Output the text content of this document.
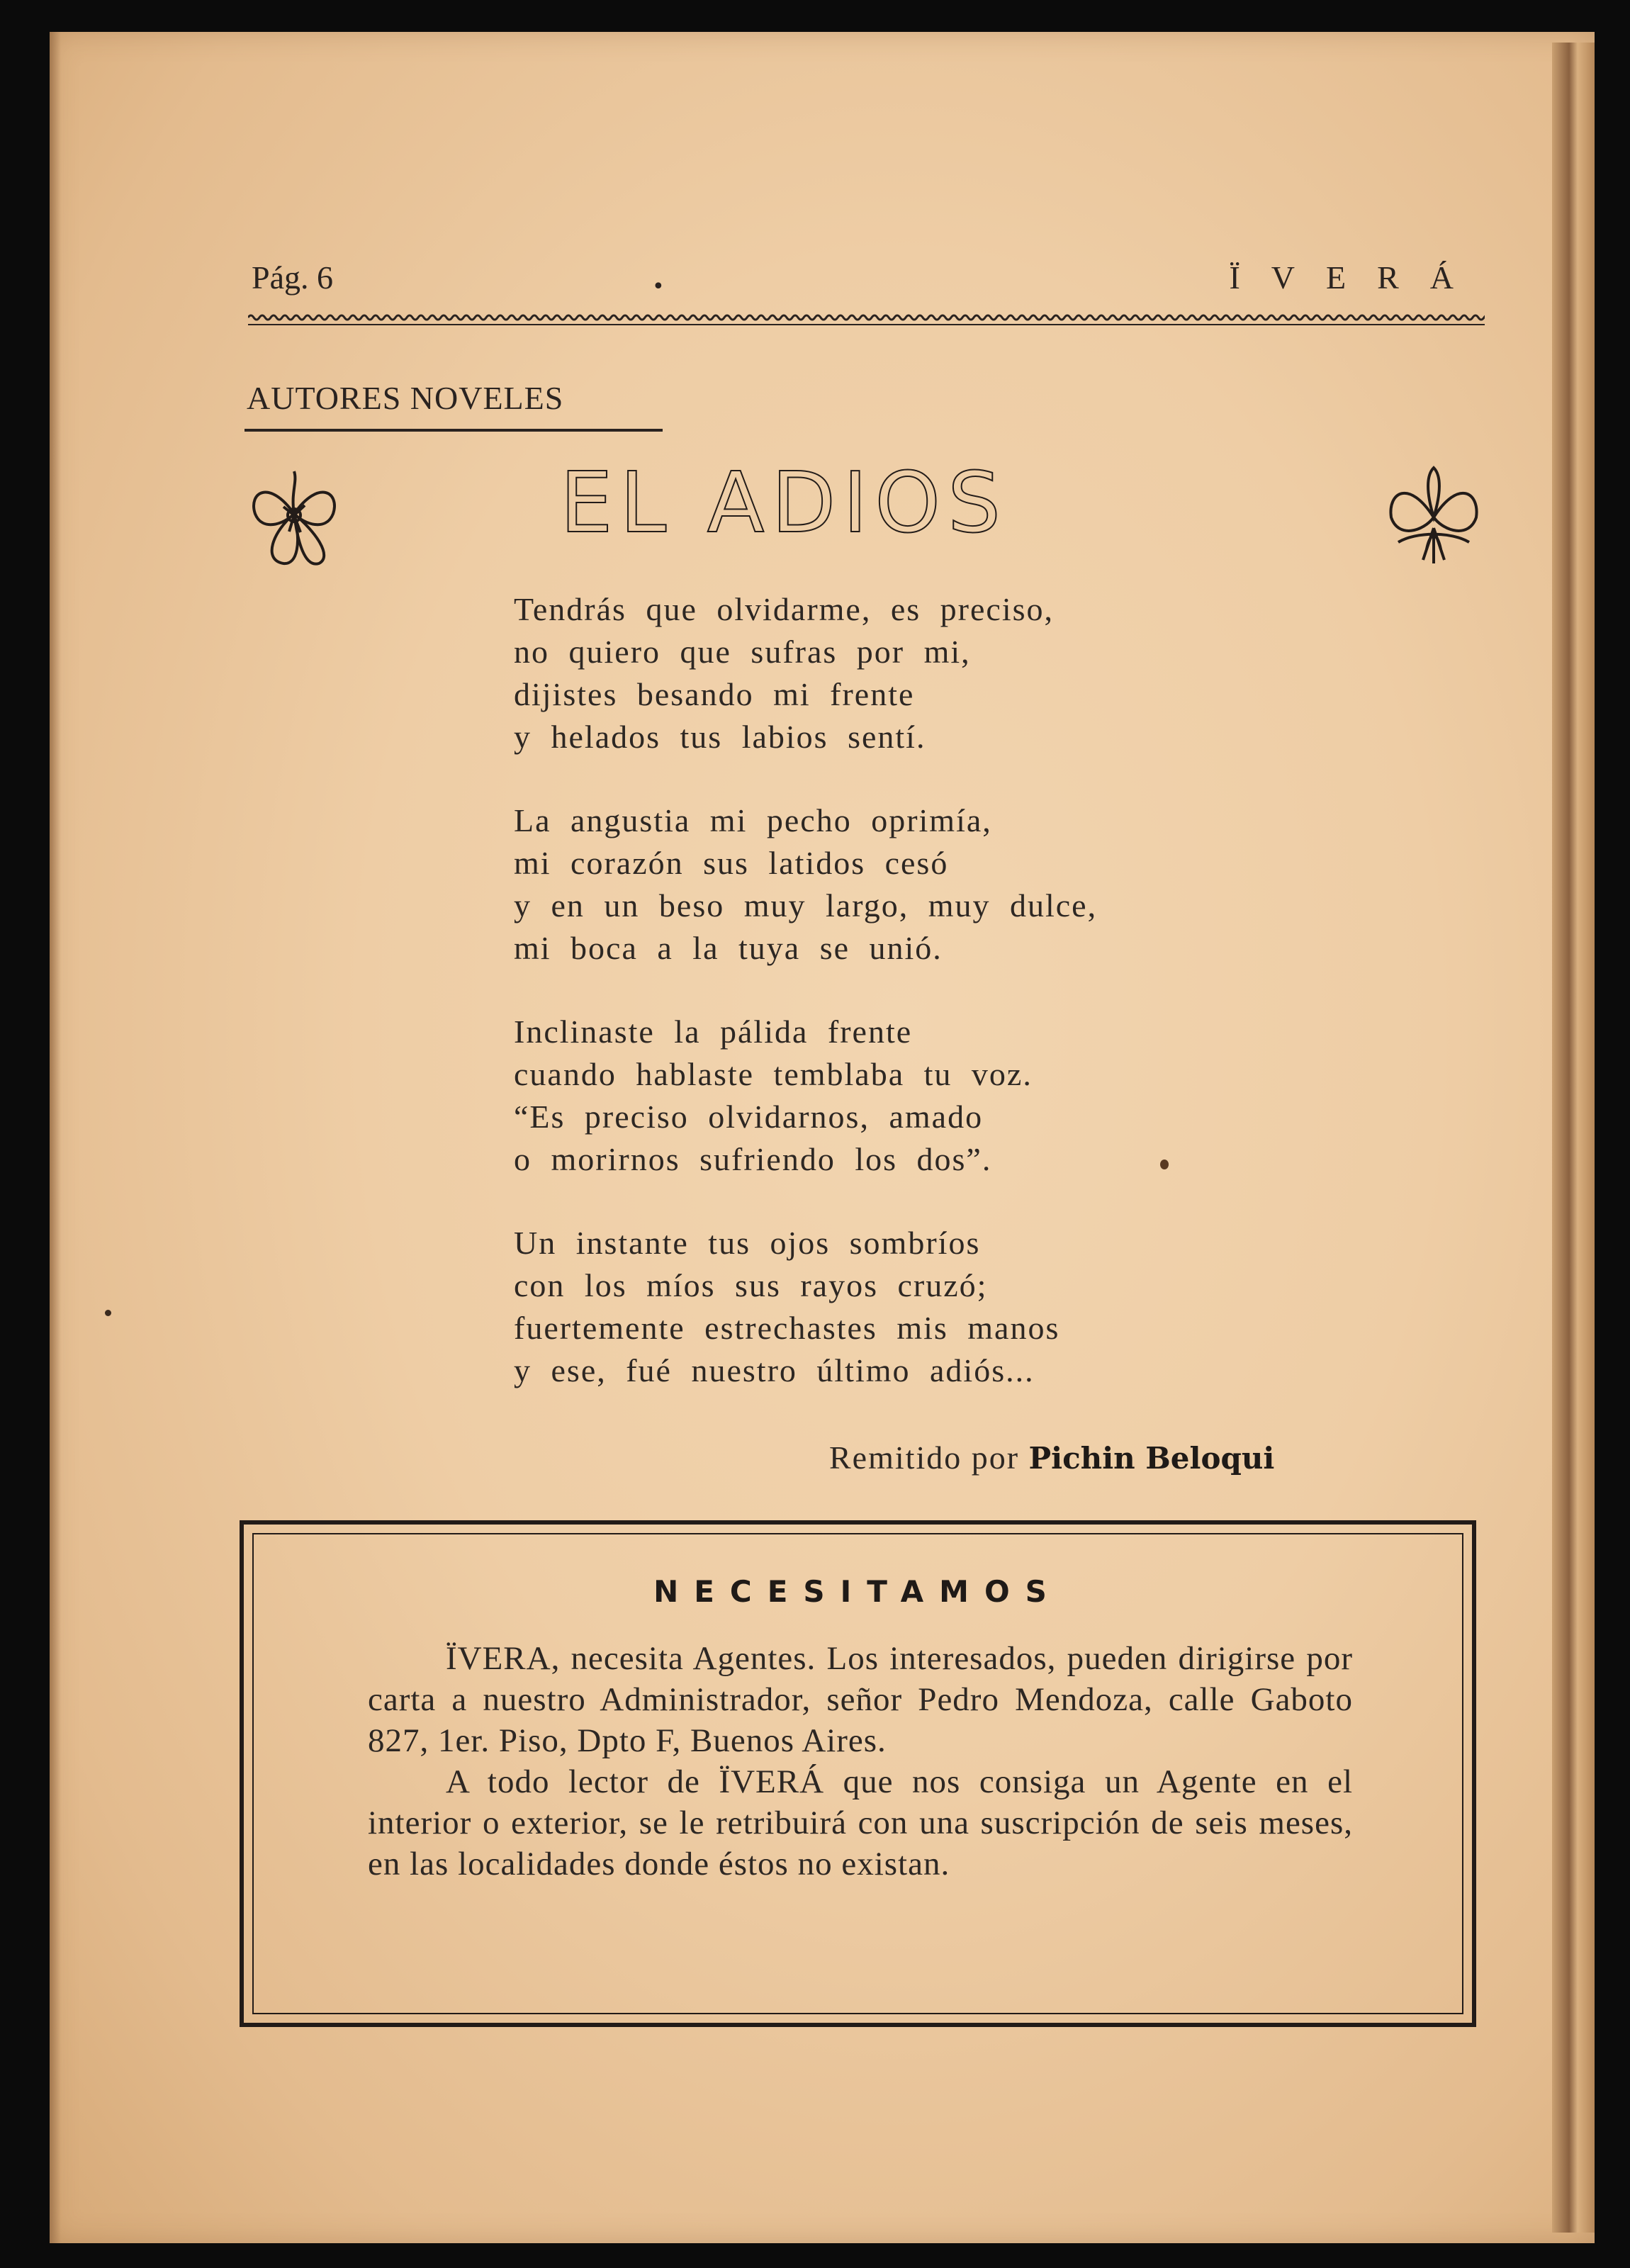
Pág. 6	•	ÏVERÁ
AUTORES NOVELES
EL ADIOS
Tendrás que olvidarme, es preciso,
no quiero que sufras por mi,
dijistes besando mi frente
y helados tus labios sentí.
La angustia mi pecho oprimía,
mi corazón sus latidos cesó
y en un beso muy largo, muy dulce,
mi boca a la tuya se unió.
Inclinaste la pálida frente
cuando hablaste temblaba tu voz.
“Es preciso olvidarnos, amado
o morirnos sufriendo los dos”.
Un instante tus ojos sombríos
con los míos sus rayos cruzó;
fuertemente estrechastes mis manos
y ese, fué nuestro último adiós...
Remitido por Pichin Beloqui
NECESITAMOS

ÏVERA, necesita Agentes. Los interesados, pueden dirigirse por carta a nuestro Administrador, señor Pedro Mendoza, calle Gaboto 827, 1er. Piso, Dpto F, Buenos Aires.

A todo lector de ÏVERÁ que nos consiga un Agente en el interior o exterior, se le retribuirá con una suscripción de seis meses, en las localidades donde éstos no existan.
